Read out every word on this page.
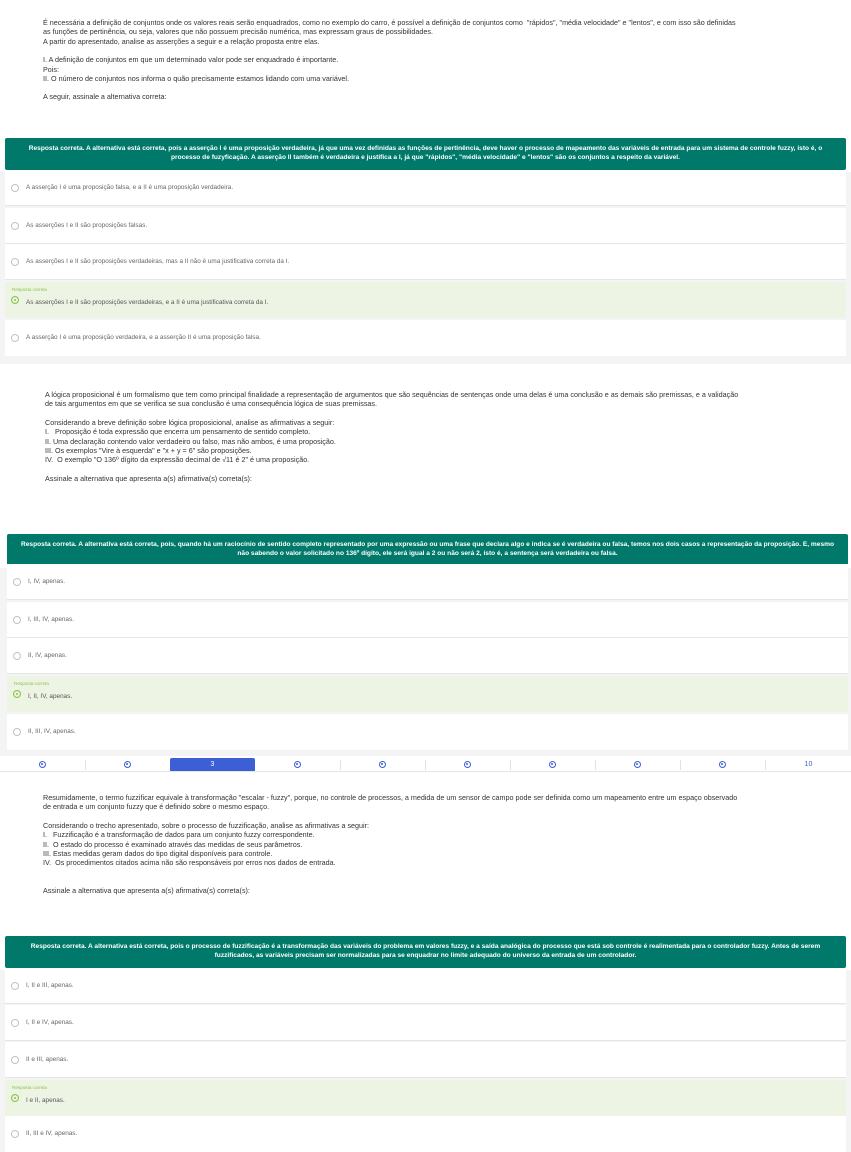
É necessária a definição de conjuntos onde os valores reais serão enquadrados, como no exemplo do carro, é possível a definição de conjuntos como  "rápidos", "média velocidade" e "lentos", e com isso são definidas

as funções de pertinência, ou seja, valores que não possuem precisão numérica, mas expressam graus de possibilidades.

A partir do apresentado, analise as asserções a seguir e a relação proposta entre elas.

I. A definição de conjuntos em que um determinado valor pode ser enquadrado é importante.

Pois:

II. O número de conjuntos nos informa o quão precisamente estamos lidando com uma variável.

A seguir, assinale a alternativa correta:

Resposta correta. A alternativa está correta, pois a asserção I é uma proposição verdadeira, já que uma vez definidas as funções de pertinência, deve haver o processo de mapeamento das variáveis de entrada para um sistema de controle fuzzy, isto é, o processo de fuzyficação. A asserção II também é verdadeira e justifica a I, já que "rápidos", "média velocidade" e "lentos" são os conjuntos a respeito da variável.
A asserção I é uma proposição falsa, e a II é uma proposição verdadeira.
As asserções I e II são proposições falsas.
As asserções I e II são proposições verdadeiras, mas a II não é uma justificativa correta da I.
Resposta correta
As asserções I e II são proposições verdadeiras, e a II é uma justificativa correta da I.
A asserção I é uma proposição verdadeira, e a asserção II é uma proposição falsa.

A lógica proposicional é um formalismo que tem como principal finalidade a representação de argumentos que são sequências de sentenças onde uma delas é uma conclusão e as demais são premissas, e a validação

de tais argumentos em que se verifica se sua conclusão é uma consequência lógica de suas premissas.

Considerando a breve definição sobre lógica proposicional, analise as afirmativas a seguir:

I.   Proposição é toda expressão que encerra um pensamento de sentido completo.

II. Uma declaração contendo valor verdadeiro ou falso, mas não ambos, é uma proposição.

III. Os exemplos "Vire à esquerda" e "x + y = 6" são proposições.

IV.  O exemplo "O 136º dígito da expressão decimal de √11 é 2" é uma proposição.

Assinale a alternativa que apresenta a(s) afirmativa(s) correta(s):

Resposta correta. A alternativa está correta, pois, quando há um raciocínio de sentido completo representado por uma expressão ou uma frase que declara algo e indica se é verdadeira ou falsa, temos nos dois casos a representação da proposição. E, mesmo não sabendo o valor solicitado no 136º dígito, ele será igual a 2 ou não será 2, isto é, a sentença será verdadeira ou falsa.
I, IV, apenas.
I, III, IV, apenas.
II, IV, apenas.
Resposta correta
I, II, IV, apenas.
II, III, IV, apenas.
3	10

Resumidamente, o termo fuzzificar equivale à transformação "escalar - fuzzy", porque, no controle de processos, a medida de um sensor de campo pode ser definida como um mapeamento entre um espaço observado

de entrada e um conjunto fuzzy que é definido sobre o mesmo espaço.

Considerando o trecho apresentado, sobre o processo de fuzzificação, analise as afirmativas a seguir:

I.   Fuzzificação é a transformação de dados para um conjunto fuzzy correspondente.

II.  O estado do processo é examinado através das medidas de seus parâmetros.

III. Estas medidas geram dados do tipo digital disponíveis para controle.

IV.  Os procedimentos citados acima não são responsáveis por erros nos dados de entrada.

Assinale a alternativa que apresenta a(s) afirmativa(s) correta(s):

Resposta correta. A alternativa está correta, pois o processo de fuzzificação é a transformação das variáveis do problema em valores fuzzy, e a saída analógica do processo que está sob controle é realimentada para o controlador fuzzy. Antes de serem fuzzificados, as variáveis precisam ser normalizadas para se enquadrar no limite adequado do universo da entrada de um controlador.
I, II e III, apenas.
I, II e IV, apenas.
II e III, apenas.
Resposta correta
I e II, apenas.
II, III e IV, apenas.
